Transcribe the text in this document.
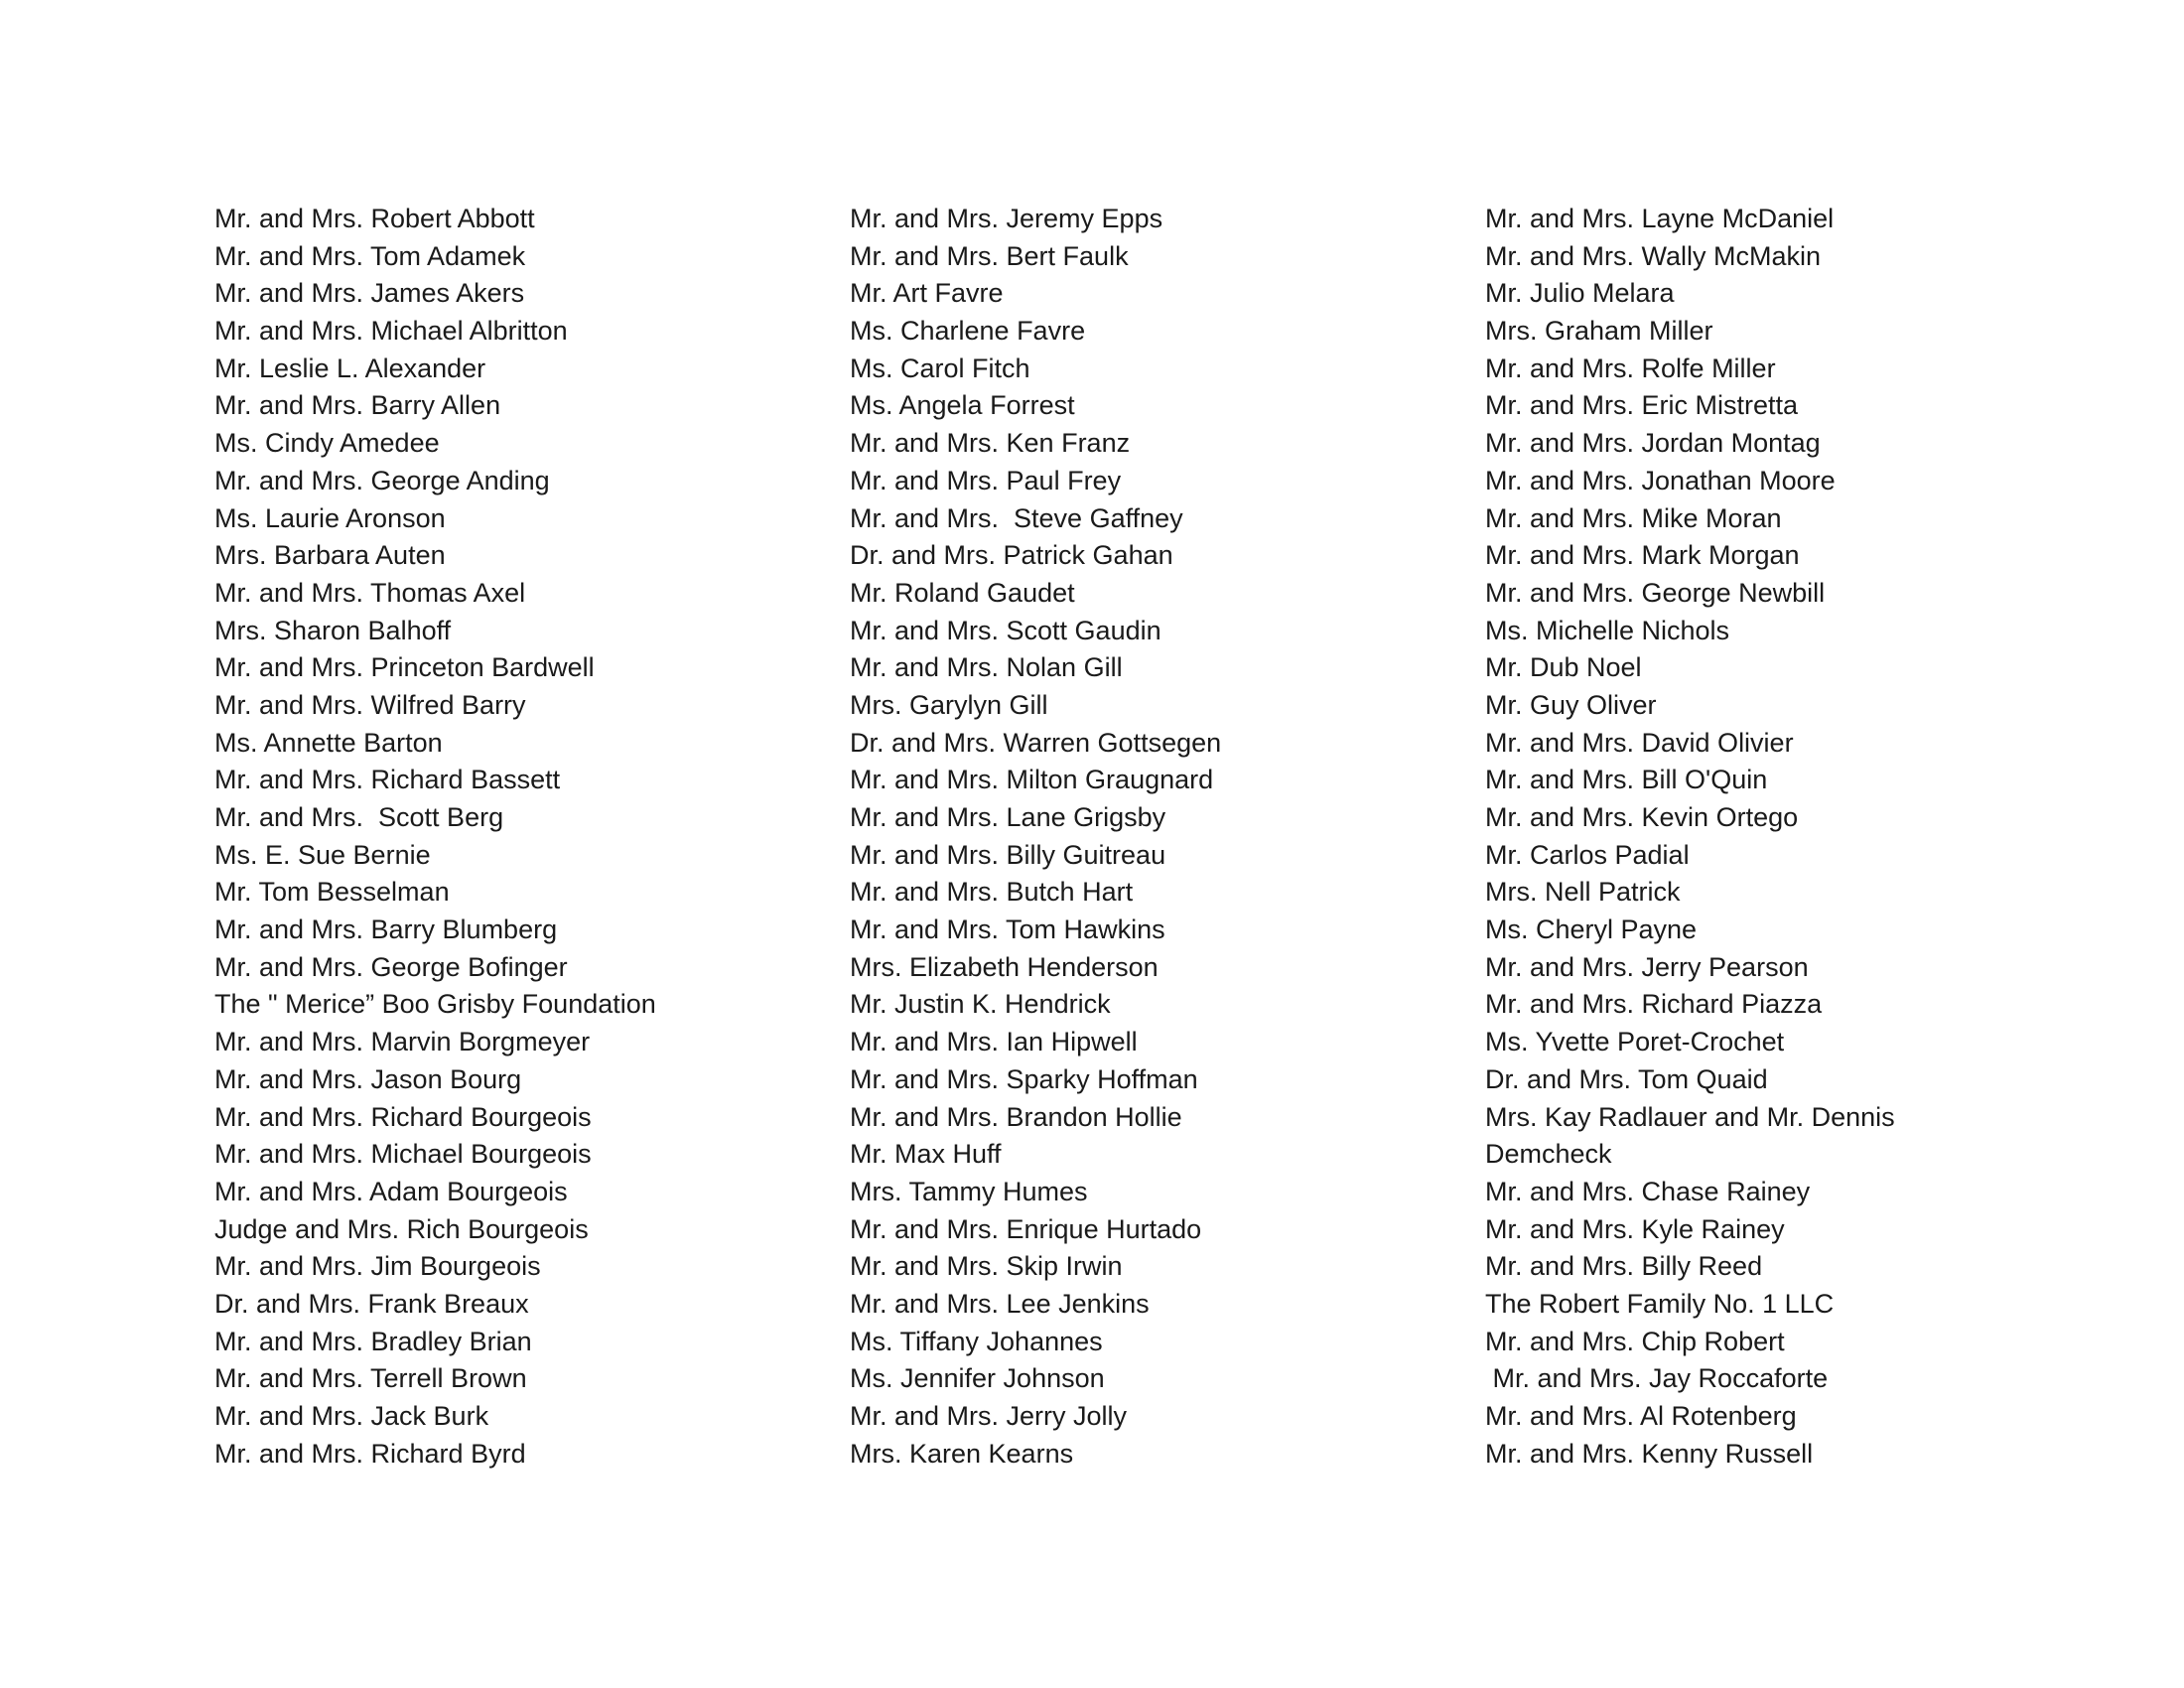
Mr. and Mrs. Robert Abbott
Mr. and Mrs. Tom Adamek
Mr. and Mrs. James Akers
Mr. and Mrs. Michael Albritton
Mr. Leslie L. Alexander
Mr. and Mrs. Barry Allen
Ms. Cindy Amedee
Mr. and Mrs. George Anding
Ms. Laurie Aronson
Mrs. Barbara Auten
Mr. and Mrs. Thomas Axel
Mrs. Sharon Balhoff
Mr. and Mrs. Princeton Bardwell
Mr. and Mrs. Wilfred Barry
Ms. Annette Barton
Mr. and Mrs. Richard Bassett
Mr. and Mrs.  Scott Berg
Ms. E. Sue Bernie
Mr. Tom Besselman
Mr. and Mrs. Barry Blumberg
Mr. and Mrs. George Bofinger
The " Merice” Boo Grisby Foundation
Mr. and Mrs. Marvin Borgmeyer
Mr. and Mrs. Jason Bourg
Mr. and Mrs. Richard Bourgeois
Mr. and Mrs. Michael Bourgeois
Mr. and Mrs. Adam Bourgeois
Judge and Mrs. Rich Bourgeois
Mr. and Mrs. Jim Bourgeois
Dr. and Mrs. Frank Breaux
Mr. and Mrs. Bradley Brian
Mr. and Mrs. Terrell Brown
Mr. and Mrs. Jack Burk
Mr. and Mrs. Richard Byrd
Mr. and Mrs. Jeremy Epps
Mr. and Mrs. Bert Faulk
Mr. Art Favre
Ms. Charlene Favre
Ms. Carol Fitch
Ms. Angela Forrest
Mr. and Mrs. Ken Franz
Mr. and Mrs. Paul Frey
Mr. and Mrs.  Steve Gaffney
Dr. and Mrs. Patrick Gahan
Mr. Roland Gaudet
Mr. and Mrs. Scott Gaudin
Mr. and Mrs. Nolan Gill
Mrs. Garylyn Gill
Dr. and Mrs. Warren Gottsegen
Mr. and Mrs. Milton Graugnard
Mr. and Mrs. Lane Grigsby
Mr. and Mrs. Billy Guitreau
Mr. and Mrs. Butch Hart
Mr. and Mrs. Tom Hawkins
Mrs. Elizabeth Henderson
Mr. Justin K. Hendrick
Mr. and Mrs. Ian Hipwell
Mr. and Mrs. Sparky Hoffman
Mr. and Mrs. Brandon Hollie
Mr. Max Huff
Mrs. Tammy Humes
Mr. and Mrs. Enrique Hurtado
Mr. and Mrs. Skip Irwin
Mr. and Mrs. Lee Jenkins
Ms. Tiffany Johannes
Ms. Jennifer Johnson
Mr. and Mrs. Jerry Jolly
Mrs. Karen Kearns
Mr. and Mrs. Layne McDaniel
Mr. and Mrs. Wally McMakin
Mr. Julio Melara
Mrs. Graham Miller
Mr. and Mrs. Rolfe Miller
Mr. and Mrs. Eric Mistretta
Mr. and Mrs. Jordan Montag
Mr. and Mrs. Jonathan Moore
Mr. and Mrs. Mike Moran
Mr. and Mrs. Mark Morgan
Mr. and Mrs. George Newbill
Ms. Michelle Nichols
Mr. Dub Noel
Mr. Guy Oliver
Mr. and Mrs. David Olivier
Mr. and Mrs. Bill O'Quin
Mr. and Mrs. Kevin Ortego
Mr. Carlos Padial
Mrs. Nell Patrick
Ms. Cheryl Payne
Mr. and Mrs. Jerry Pearson
Mr. and Mrs. Richard Piazza
Ms. Yvette Poret-Crochet
Dr. and Mrs. Tom Quaid
Mrs. Kay Radlauer and Mr. Dennis
Demcheck
Mr. and Mrs. Chase Rainey
Mr. and Mrs. Kyle Rainey
Mr. and Mrs. Billy Reed
The Robert Family No. 1 LLC
Mr. and Mrs. Chip Robert
Mr. and Mrs. Jay Roccaforte
Mr. and Mrs. Al Rotenberg
Mr. and Mrs. Kenny Russell
